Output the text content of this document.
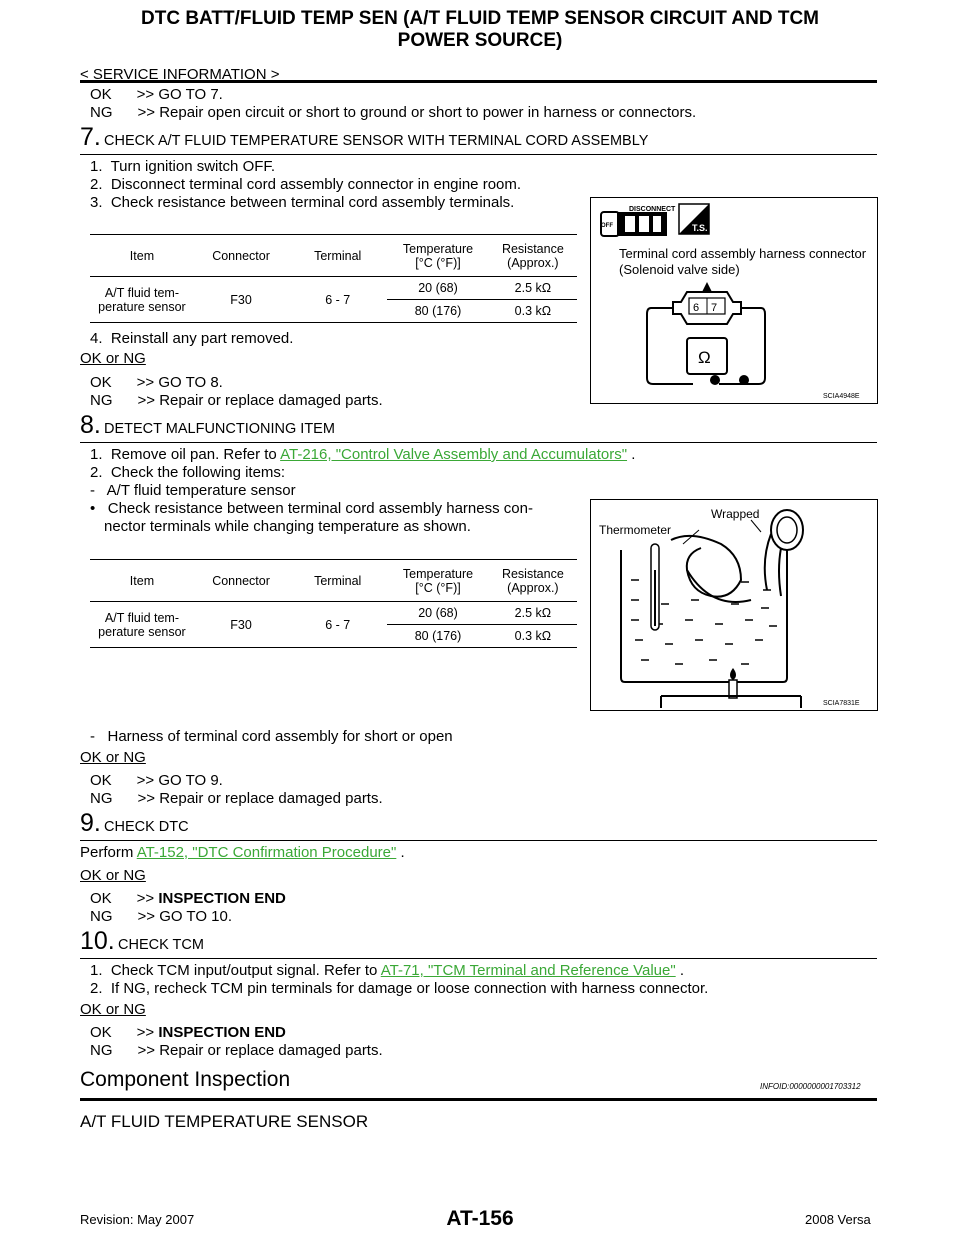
DTC BATT/FLUID TEMP SEN (A/T FLUID TEMP SENSOR CIRCUIT AND TCM
POWER SOURCE)
< SERVICE INFORMATION >
OK      >> GO TO 7.
NG      >> Repair open circuit or short to ground or short to power in harness or connectors.
7. CHECK A/T FLUID TEMPERATURE SENSOR WITH TERMINAL CORD ASSEMBLY
1.  Turn ignition switch OFF.
2.  Disconnect terminal cord assembly connector in engine room.
3.  Check resistance between terminal cord assembly terminals.
Item	Connector	Terminal	Temperature
[°C (°F)]	Resistance
(Approx.)
A/T fluid tem-
perature sensor	F30	6 - 7	20 (68)	2.5 kΩ
			80 (176)	0.3 kΩ
4.  Reinstall any part removed.
OK or NG
OK      >> GO TO 8.
NG      >> Repair or replace damaged parts.
OFF	T.S.
DISCONNECT
Terminal cord assembly harness connector
(Solenoid valve side)
6 7
Ω
SCIA4948E
8. DETECT MALFUNCTIONING ITEM
1.  Remove oil pan. Refer to AT-216, "Control Valve Assembly and Accumulators" .
2.  Check the following items:
-   A/T fluid temperature sensor
•   Check resistance between terminal cord assembly harness con-
nector terminals while changing temperature as shown.
Item	Connector	Terminal	Temperature
[°C (°F)]	Resistance
(Approx.)
A/T fluid tem-
perature sensor	F30	6 - 7	20 (68)	2.5 kΩ
			80 (176)	0.3 kΩ
Wrapped
Thermometer
SCIA7831E
-   Harness of terminal cord assembly for short or open
OK or NG
OK      >> GO TO 9.
NG      >> Repair or replace damaged parts.
9. CHECK DTC
Perform AT-152, "DTC Confirmation Procedure" .
OK or NG
OK      >> INSPECTION END
NG      >> GO TO 10.
10. CHECK TCM
1.  Check TCM input/output signal. Refer to AT-71, "TCM Terminal and Reference Value" .
2.  If NG, recheck TCM pin terminals for damage or loose connection with harness connector.
OK or NG
OK      >> INSPECTION END
NG      >> Repair or replace damaged parts.
Component Inspection	INFOID:0000000001703312
A/T FLUID TEMPERATURE SENSOR
Revision: May 2007	AT-156	2008 Versa
